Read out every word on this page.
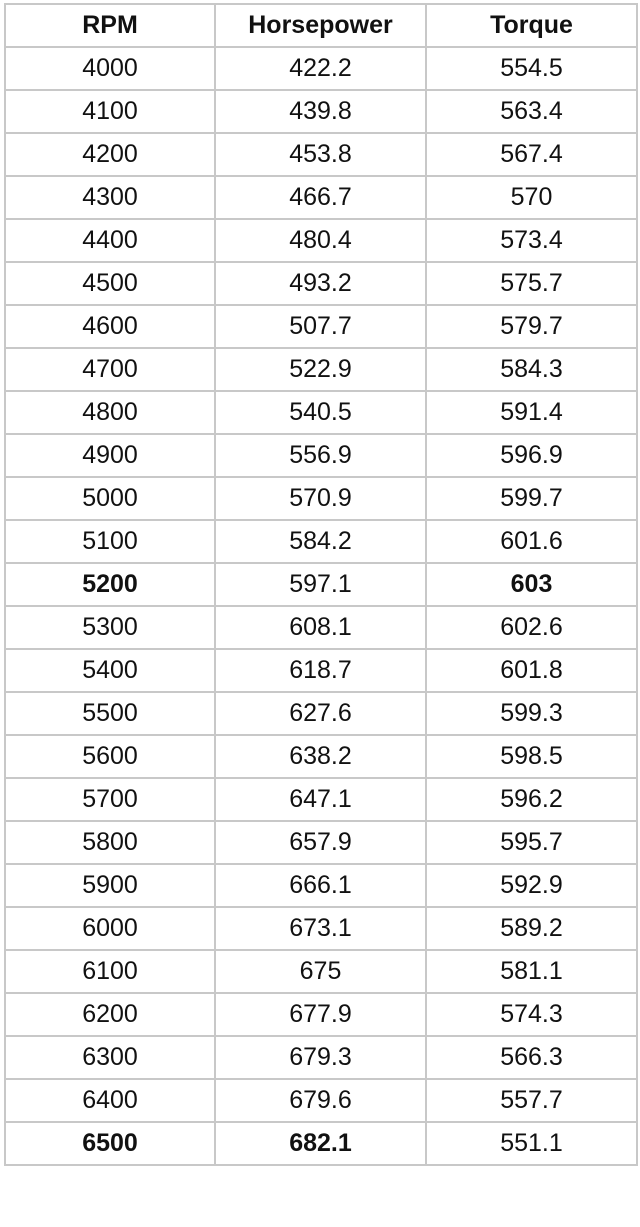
RPM	Horsepower	Torque
4000	422.2	554.5
4100	439.8	563.4
4200	453.8	567.4
4300	466.7	570
4400	480.4	573.4
4500	493.2	575.7
4600	507.7	579.7
4700	522.9	584.3
4800	540.5	591.4
4900	556.9	596.9
5000	570.9	599.7
5100	584.2	601.6
5200	597.1	603
5300	608.1	602.6
5400	618.7	601.8
5500	627.6	599.3
5600	638.2	598.5
5700	647.1	596.2
5800	657.9	595.7
5900	666.1	592.9
6000	673.1	589.2
6100	675	581.1
6200	677.9	574.3
6300	679.3	566.3
6400	679.6	557.7
6500	682.1	551.1
